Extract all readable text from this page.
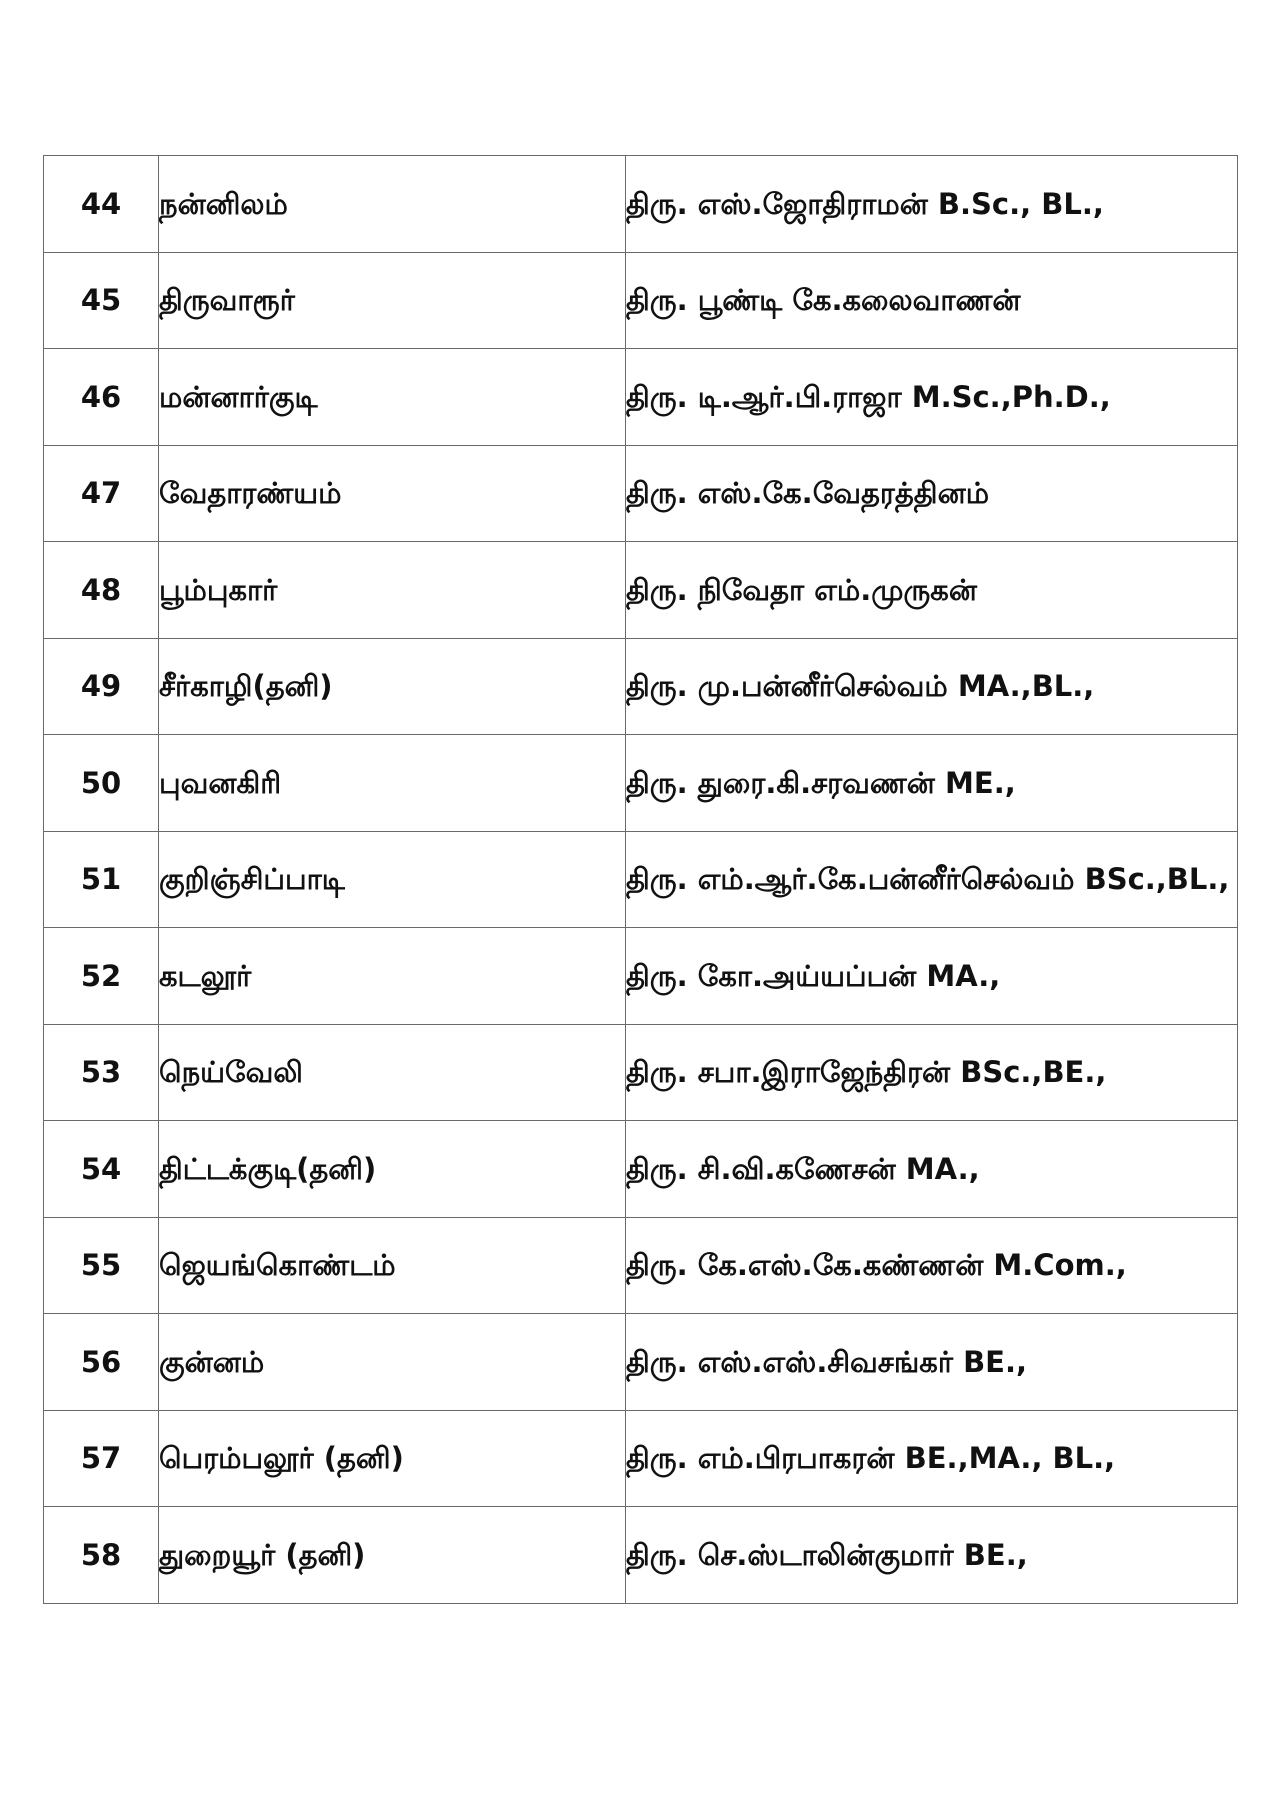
44	நன்னிலம்	திரு. எஸ்.ஜோதிராமன் B.Sc., BL.,
45	திருவாரூர்	திரு. பூண்டி கே.கலைவாணன்
46	மன்னார்குடி	திரு. டி.ஆர்.பி.ராஜா M.Sc.,Ph.D.,
47	வேதாரண்யம்	திரு. எஸ்.கே.வேதரத்தினம்
48	பூம்புகார்	திரு. நிவேதா எம்.முருகன்
49	சீர்காழி(தனி)	திரு. மு.பன்னீர்செல்வம் MA.,BL.,
50	புவனகிரி	திரு. துரை.கி.சரவணன் ME.,
51	குறிஞ்சிப்பாடி	திரு. எம்.ஆர்.கே.பன்னீர்செல்வம் BSc.,BL.,
52	கடலூர்	திரு. கோ.அய்யப்பன் MA.,
53	நெய்வேலி	திரு. சபா.இராஜேந்திரன் BSc.,BE.,
54	திட்டக்குடி(தனி)	திரு. சி.வி.கணேசன் MA.,
55	ஜெயங்கொண்டம்	திரு. கே.எஸ்.கே.கண்ணன் M.Com.,
56	குன்னம்	திரு. எஸ்.எஸ்.சிவசங்கர் BE.,
57	பெரம்பலூர் (தனி)	திரு. எம்.பிரபாகரன் BE.,MA., BL.,
58	துறையூர் (தனி)	திரு. செ.ஸ்டாலின்குமார் BE.,
